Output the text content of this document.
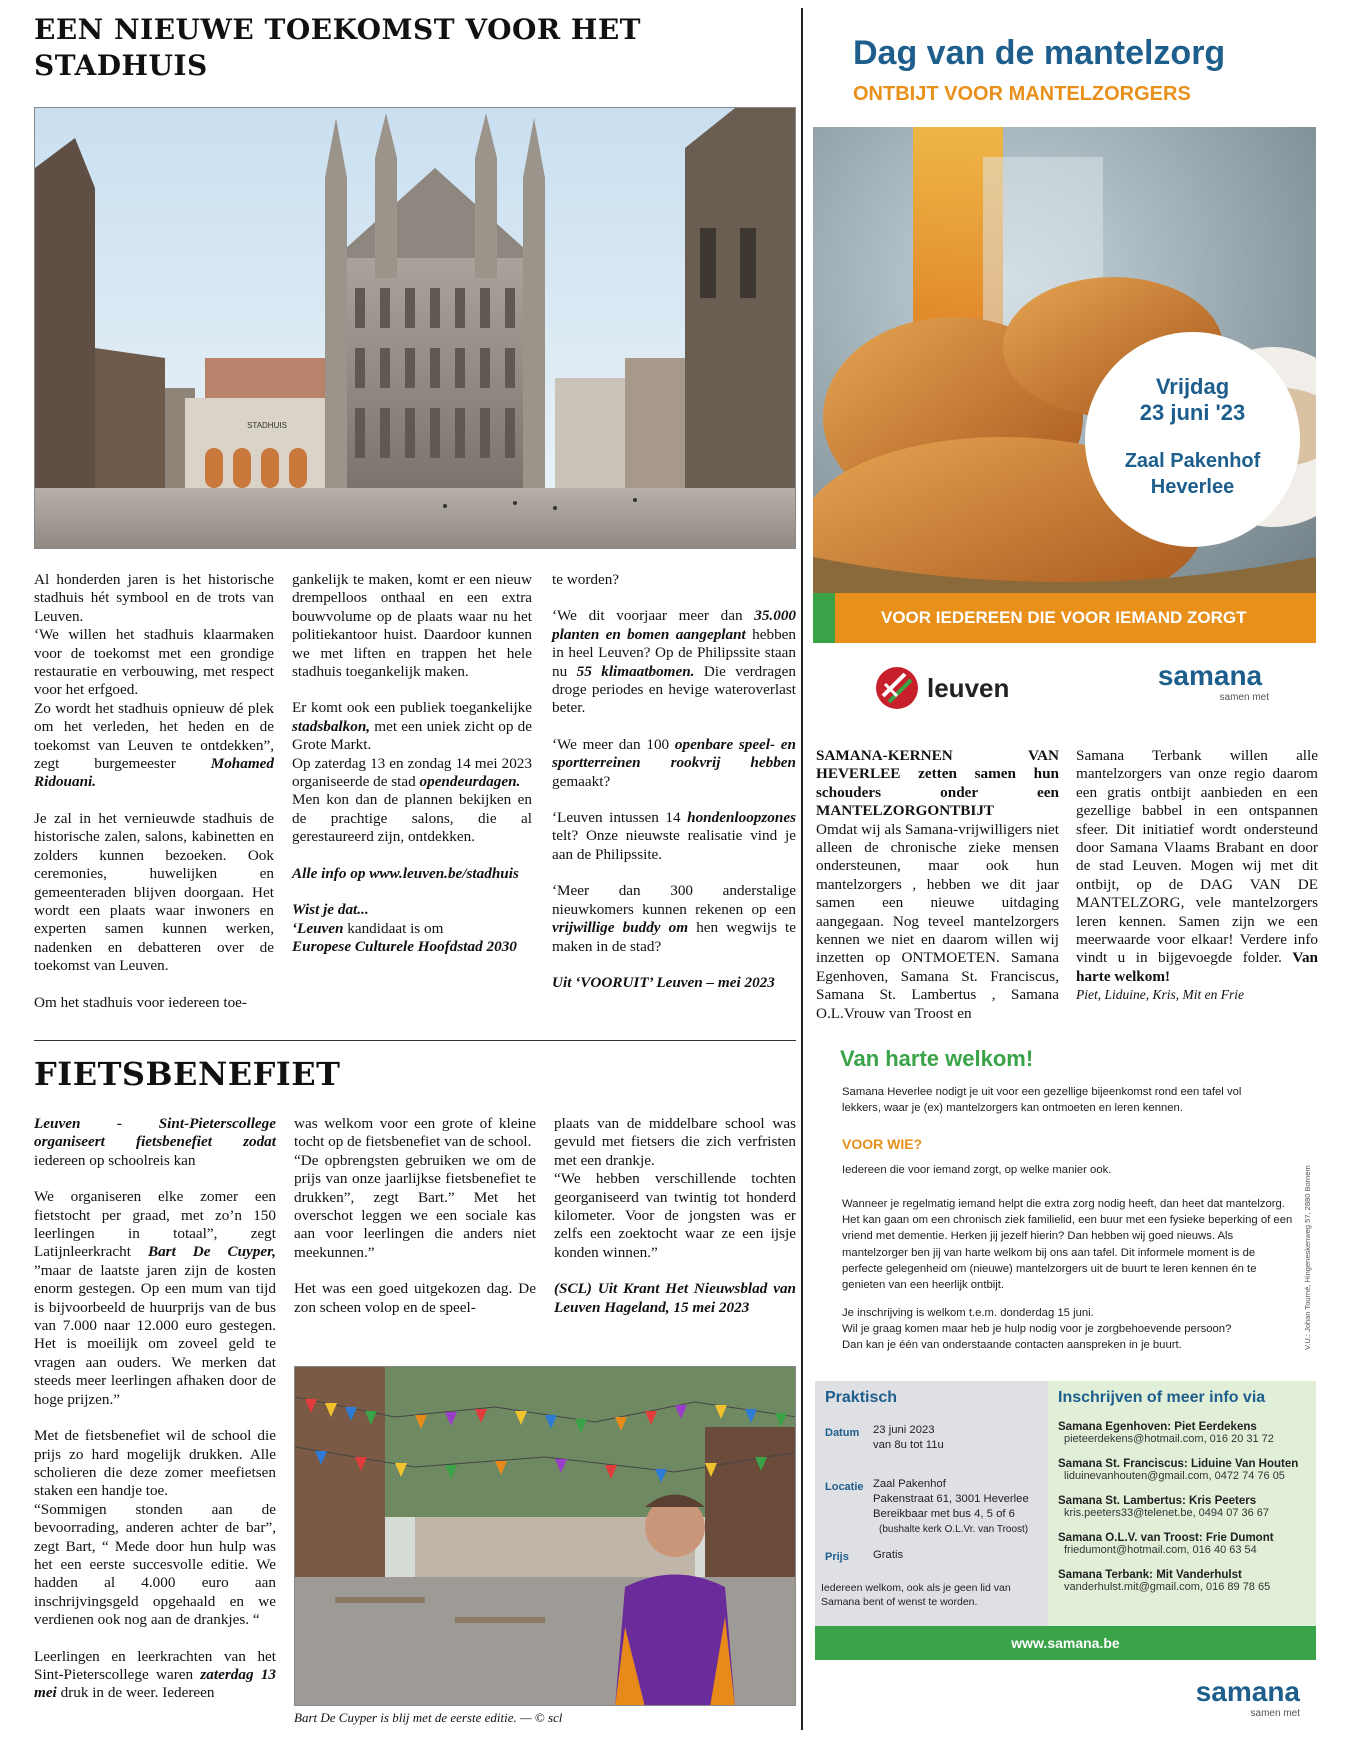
EEN NIEUWE TOEKOMST VOOR HET
STADHUIS
STADHUIS

Al honderden jaren is het historische stadhuis hét symbool en de trots van Leuven.

‘We willen het stadhuis klaarmaken voor de toekomst met een grondige restauratie en verbouwing, met respect voor het erfgoed.

Zo wordt het stadhuis opnieuw dé plek om het verleden, het heden en de toekomst van Leuven te ontdekken”, zegt burgemeester Mohamed Ridouani.

Je zal in het vernieuwde stadhuis de historische zalen, salons, kabinetten en zolders kunnen bezoeken. Ook ceremonies, huwelijken en gemeenteraden blijven doorgaan. Het wordt een plaats waar inwoners en experten samen kunnen werken, nadenken en debatteren over de toekomst van Leuven.

Om het stadhuis voor iedereen toe-

gankelijk te maken, komt er een nieuw drempelloos onthaal en een extra bouwvolume op de plaats waar nu het politiekantoor huist. Daardoor kunnen we met liften en trappen het hele stadhuis toegankelijk maken.

Er komt ook een publiek toegankelijke stadsbalkon, met een uniek zicht op de Grote Markt.

Op zaterdag 13 en zondag 14 mei 2023 organiseerde de stad opendeurdagen.

Men kon dan de plannen bekijken en de prachtige salons, die al gerestaureerd zijn, ontdekken.

Alle info op www.leuven.be/stadhuis

Wist je dat...

‘Leuven kandidaat is om

Europese Culturele Hoofdstad 2030

te worden?

‘We dit voorjaar meer dan 35.000 planten en bomen aangeplant hebben in heel Leuven? Op de Philipssite staan nu 55 klimaatbomen. Die verdragen droge periodes en hevige wateroverlast beter.

‘We meer dan 100 openbare speel- en sportterreinen rookvrij hebben gemaakt?

‘Leuven intussen 14 hondenloopzones telt? Onze nieuwste realisatie vind je aan de Philipssite.

‘Meer dan 300 anderstalige nieuwkomers kunnen rekenen op een vrijwillige buddy om hen wegwijs te maken in de stad?

Uit ‘VOORUIT’ Leuven – mei 2023

FIETSBENEFIET

Leuven - Sint-Pieterscollege organiseert fietsbenefiet zodat iedereen op schoolreis kan

We organiseren elke zomer een fietstocht per graad, met zo’n 150 leerlingen in totaal”, zegt Latijnleerkracht Bart De Cuyper, ”maar de laatste jaren zijn de kosten enorm gestegen. Op een mum van tijd is bijvoorbeeld de huurprijs van de bus van 7.000 naar 12.000 euro gestegen. Het is moeilijk om zoveel geld te vragen aan ouders. We merken dat steeds meer leerlingen afhaken door de hoge prijzen.”

Met de fietsbenefiet wil de school die prijs zo hard mogelijk drukken. Alle scholieren die deze zomer meefietsen staken een handje toe.

“Sommigen stonden aan de bevoorrading, anderen achter de bar”, zegt Bart, “ Mede door hun hulp was het een eerste succesvolle editie. We hadden al 4.000 euro aan inschrijvingsgeld opgehaald en we verdienen ook nog aan de drankjes. “

Leerlingen en leerkrachten van het Sint-Pieterscollege waren zaterdag 13 mei druk in de weer. Iedereen

was welkom voor een grote of kleine tocht op de fietsbenefiet van de school.

“De opbrengsten gebruiken we om de prijs van onze jaarlijkse fietsbenefiet te drukken”, zegt Bart.” Met het overschot leggen we een sociale kas aan voor leerlingen die anders niet meekunnen.”

Het was een goed uitgekozen dag. De zon scheen volop en de speel-

plaats van de middelbare school was gevuld met fietsers die zich verfristen met een drankje.

“We hebben verschillende tochten georganiseerd van twintig tot honderd kilometer. Voor de jongsten was er zelfs een zoektocht waar ze een ijsje konden winnen.”

(SCL) Uit Krant Het Nieuwsblad van Leuven Hageland, 15 mei 2023

Bart De Cuyper is blij met de eerste editie. — © scl

Dag van de mantelzorg
ONTBIJT VOOR MANTELZORGERS
Vrijdag
23 juni '23
Zaal Pakenhof
Heverlee
VOOR IEDEREEN DIE VOOR IEMAND ZORGT
leuven	samana
samen met

SAMANA-KERNEN VAN HEVERLEE zetten samen hun schouders onder een MANTELZORGONTBIJT

Omdat wij als Samana-vrijwilligers niet alleen de chronische zieke mensen ondersteunen, maar ook hun mantelzorgers , hebben we dit jaar samen een nieuwe uitdaging aangegaan. Nog teveel mantelzorgers kennen we niet en daarom willen wij inzetten op ONTMOETEN. Samana Egenhoven, Samana St. Franciscus, Samana St. Lambertus , Samana O.L.Vrouw van Troost en

Samana Terbank willen alle mantelzorgers van onze regio daarom een gratis ontbijt aanbieden en een gezellige babbel in een ontspannen sfeer. Dit initiatief wordt ondersteund door Samana Vlaams Brabant en door de stad Leuven. Mogen wij met dit ontbijt, op de DAG VAN DE MANTELZORG, vele mantelzorgers leren kennen. Samen zijn we een meerwaarde voor elkaar! Verdere info vindt u in bijgevoegde folder. Van harte welkom!

Piet, Liduine, Kris, Mit en Frie

Van harte welkom!
Samana Heverlee nodigt je uit voor een gezellige bijeenkomst rond een tafel vol lekkers, waar je (ex) mantelzorgers kan ontmoeten en leren kennen.
VOOR WIE?
Iedereen die voor iemand zorgt, op welke manier ook.
Wanneer je regelmatig iemand helpt die extra zorg nodig heeft, dan heet dat mantelzorg. Het kan gaan om een chronisch ziek familielid, een buur met een fysieke beperking of een vriend met dementie. Herken jij jezelf hierin? Dan hebben wij goed nieuws. Als mantelzorger ben jij van harte welkom bij ons aan tafel. Dit informele moment is de perfecte gelegenheid om (nieuwe) mantelzorgers uit de buurt te leren kennen én te genieten van een heerlijk ontbijt.
Je inschrijving is welkom t.e.m. donderdag 15 juni.
Wil je graag komen maar heb je hulp nodig voor je zorgbehoevende persoon?
Dan kan je één van onderstaande contacten aanspreken in je buurt.	V.U.: Johan Tourné, Hingeneskenweg 57, 2880 Bornem
Praktisch
Datum 23 juni 2023
van 8u tot 11u
Locatie Zaal Pakenhof
Pakenstraat 61, 3001 Heverlee
Bereikbaar met bus 4, 5 of 6
(bushalte kerk O.L.Vr. van Troost)
Prijs Gratis
Iedereen welkom, ook als je geen lid van Samana bent of wenst te worden.
Inschrijven of meer info via
Samana Egenhoven: Piet Eerdekens
pieteerdekens@hotmail.com, 016 20 31 72
Samana St. Franciscus: Liduine Van Houten
liduinevanhouten@gmail.com, 0472 74 76 05
Samana St. Lambertus: Kris Peeters
kris.peeters33@telenet.be, 0494 07 36 67
Samana O.L.V. van Troost: Frie Dumont
friedumont@hotmail.com, 016 40 63 54
Samana Terbank: Mit Vanderhulst
vanderhulst.mit@gmail.com, 016 89 78 65
www.samana.be
samana
samen met
